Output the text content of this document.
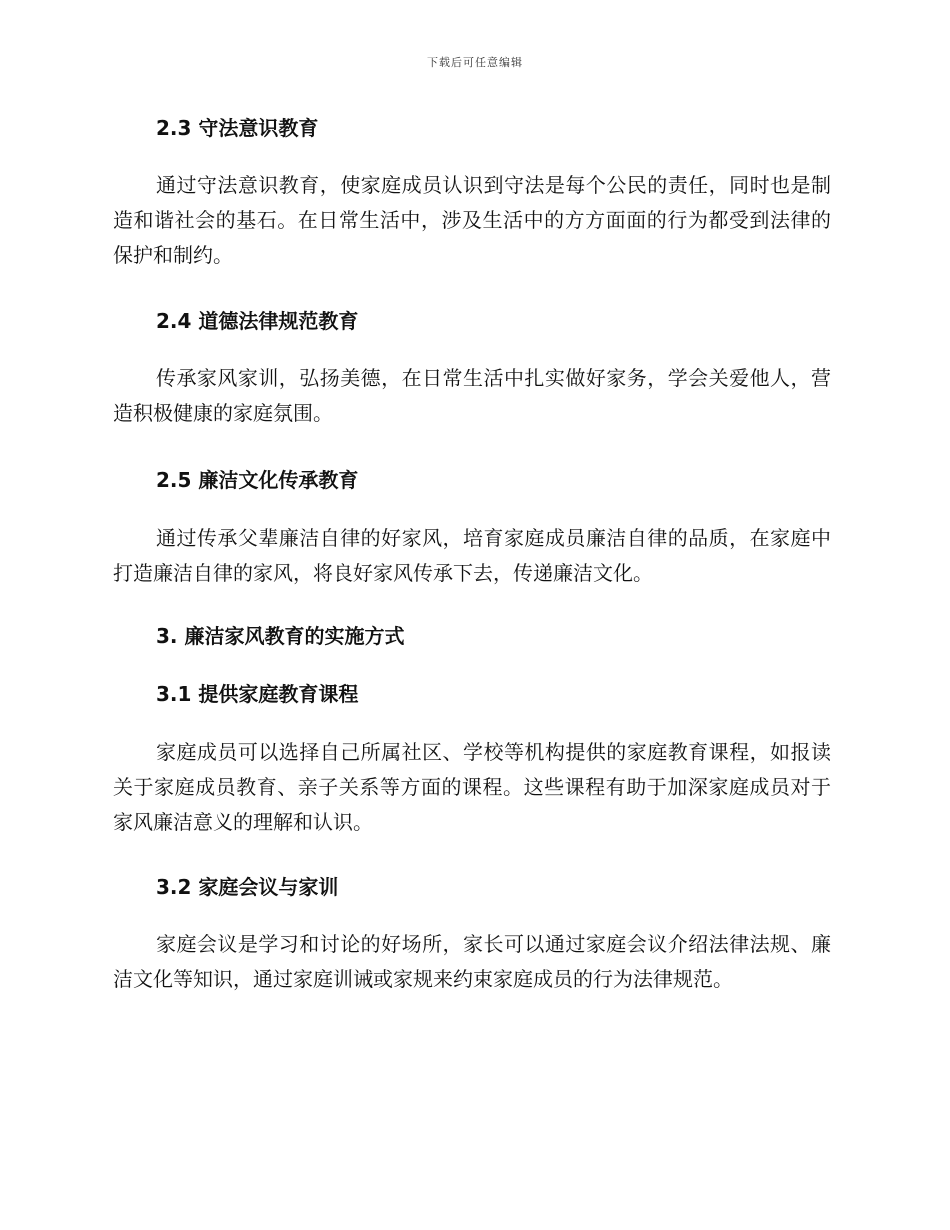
下载后可任意编辑
2.3 守法意识教育

通过守法意识教育，使家庭成员认识到守法是每个公民的责任，同时也是制造和谐社会的基石。在日常生活中，涉及生活中的方方面面的行为都受到法律的保护和制约。

2.4 道德法律规范教育

传承家风家训，弘扬美德，在日常生活中扎实做好家务，学会关爱他人，营造积极健康的家庭氛围。

2.5 廉洁文化传承教育

通过传承父辈廉洁自律的好家风，培育家庭成员廉洁自律的品质，在家庭中打造廉洁自律的家风，将良好家风传承下去，传递廉洁文化。

3. 廉洁家风教育的实施方式
3.1 提供家庭教育课程

家庭成员可以选择自己所属社区、学校等机构提供的家庭教育课程，如报读关于家庭成员教育、亲子关系等方面的课程。这些课程有助于加深家庭成员对于家风廉洁意义的理解和认识。

3.2 家庭会议与家训

家庭会议是学习和讨论的好场所，家长可以通过家庭会议介绍法律法规、廉洁文化等知识，通过家庭训诫或家规来约束家庭成员的行为法律规范。
